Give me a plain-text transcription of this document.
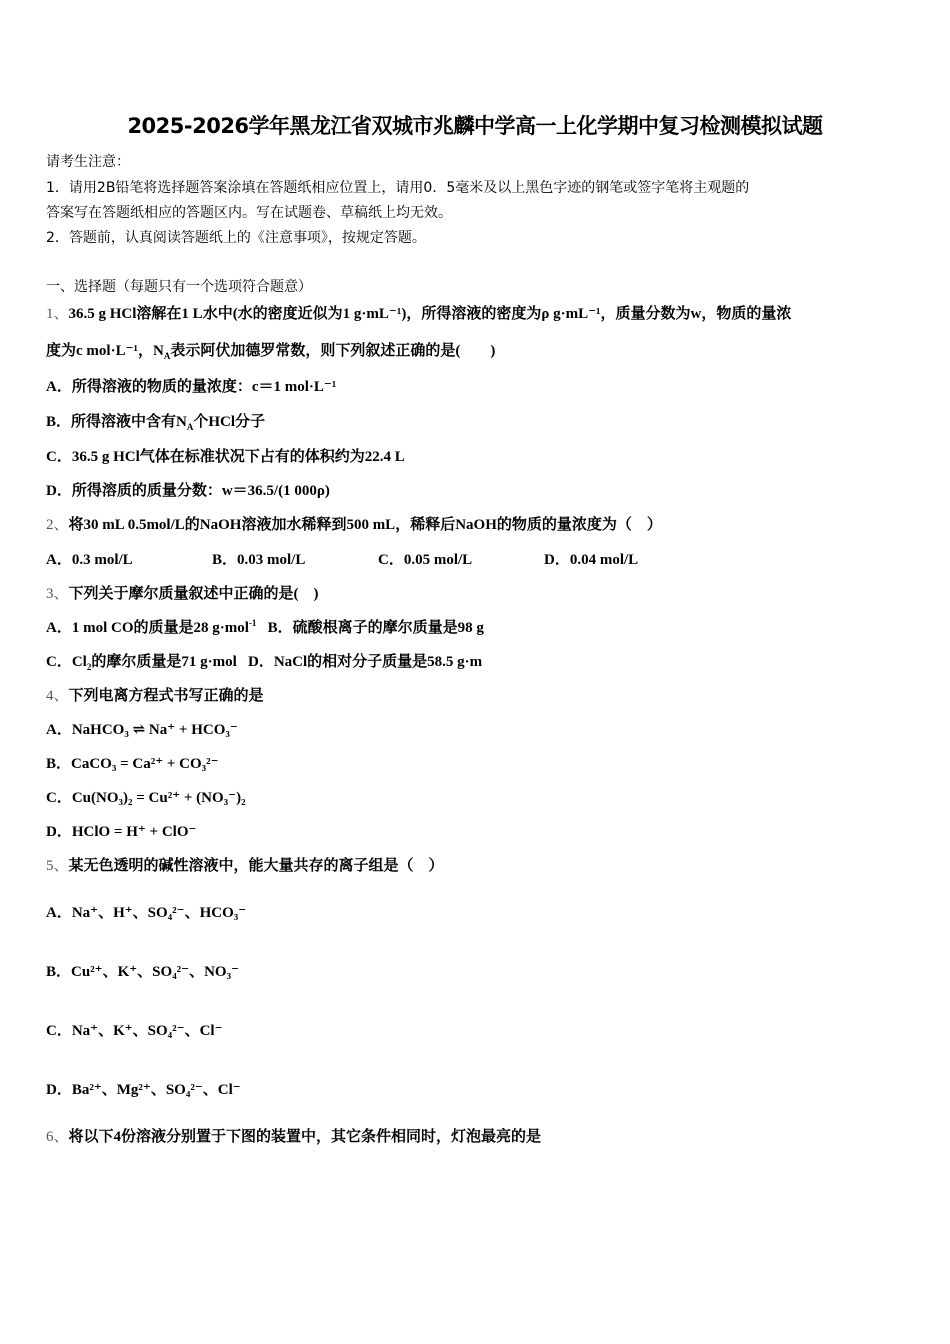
2025-2026学年黑龙江省双城市兆麟中学高一上化学期中复习检测模拟试题
请考生注意：
1．请用2B铅笔将选择题答案涂填在答题纸相应位置上，请用0．5毫米及以上黑色字迹的钢笔或签字笔将主观题的
答案写在答题纸相应的答题区内。写在试题卷、草稿纸上均无效。
2．答题前，认真阅读答题纸上的《注意事项》，按规定答题。
一、选择题（每题只有一个选项符合题意）
1、36.5 g HCl溶解在1 L水中(水的密度近似为1 g·mL⁻¹)，所得溶液的密度为ρ g·mL⁻¹，质量分数为w，物质的量浓
度为c mol·L⁻¹，$N_A$表示阿伏加德罗常数，则下列叙述正确的是(　　)
A．所得溶液的物质的量浓度：c＝1 mol·L⁻¹
B．所得溶液中含有$N_A$个HCl分子
C．36.5 g HCl气体在标准状况下占有的体积约为22.4 L
D．所得溶质的质量分数：w＝36.5/(1 000ρ)
2、将30 mL 0.5mol/L的NaOH溶液加水稀释到500 mL，稀释后NaOH的物质的量浓度为（　）
A．0.3 mol/L	B．0.03 mol/L	C．0.05 mol/L	D．0.04 mol/L
3、下列关于摩尔质量叙述中正确的是(　)
A．1 mol CO的质量是28 g·mol$^{-1}$ B．硫酸根离子的摩尔质量是98 g
C．$Cl_2$的摩尔质量是71 g·mol D．NaCl的相对分子质量是58.5 g·m
4、下列电离方程式书写正确的是
A．NaHCO₃ ⇌ Na⁺ + HCO₃⁻
B．CaCO₃ = Ca²⁺ + CO₃²⁻
C．Cu(NO₃)₂ = Cu²⁺ + (NO₃⁻)₂
D．HClO = H⁺ + ClO⁻
5、某无色透明的碱性溶液中，能大量共存的离子组是（　）
A．Na⁺、H⁺、SO₄²⁻、HCO₃⁻
B．Cu²⁺、K⁺、SO₄²⁻、NO₃⁻
C．Na⁺、K⁺、SO₄²⁻、Cl⁻
D．Ba²⁺、Mg²⁺、SO₄²⁻、Cl⁻
6、将以下4份溶液分别置于下图的装置中，其它条件相同时，灯泡最亮的是
